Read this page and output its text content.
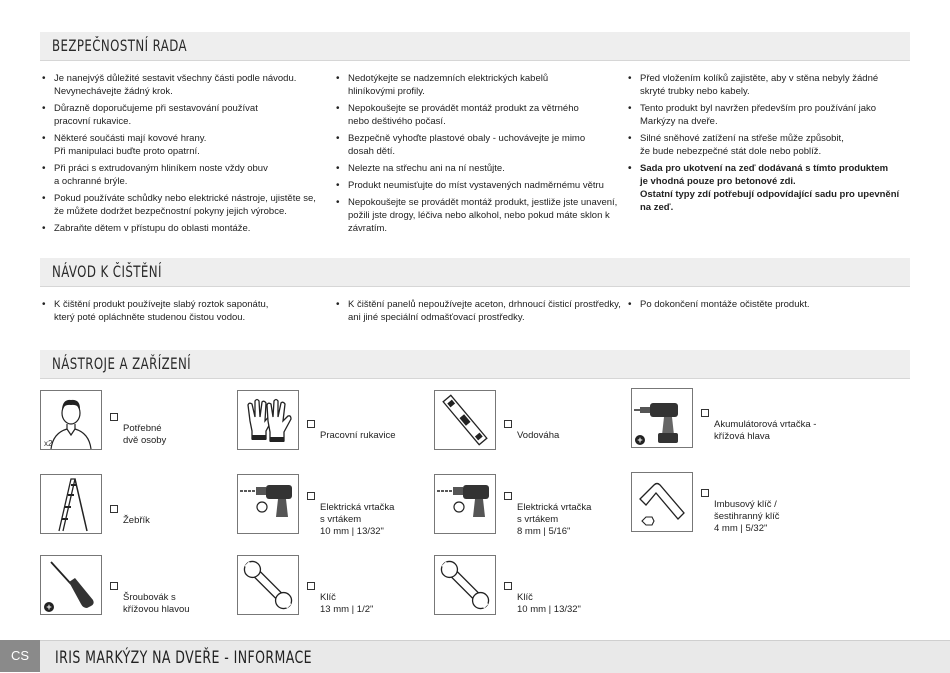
BEZPEČNOSTNÍ RADA
• Je nanejvýš důležité sestavit všechny části podle návodu.
Nevynechávejte žádný krok.
• Důrazně doporučujeme při sestavování používat
pracovní rukavice.
• Některé součásti mají kovové hrany.
Při manipulaci buďte proto opatrní.
• Při práci s extrudovaným hliníkem noste vždy obuv
a ochranné brýle.
• Pokud používáte schůdky nebo elektrické nástroje, ujistěte se,
že můžete dodržet bezpečnostní pokyny jejich výrobce.
• Zabraňte dětem v přístupu do oblasti montáže.
• Nedotýkejte se nadzemních elektrických kabelů
hliníkovými profily.
• Nepokoušejte se provádět montáž produkt za větrného
nebo deštivého počasí.
• Bezpečně vyhoďte plastové obaly - uchovávejte je mimo
dosah dětí.
• Nelezte na střechu ani na ní nestůjte.
• Produkt neumisťujte do míst vystavených nadměrnému větru
• Nepokoušejte se provádět montáž produkt, jestliže jste unavení,
požili jste drogy, léčiva nebo alkohol, nebo pokud máte sklon k
závratím.
• Před vložením kolíků zajistěte, aby v stěna nebyly žádné
skryté trubky nebo kabely.
• Tento produkt byl navržen především pro používání jako
Markýzy na dveře.
• Silné sněhové zatížení na střeše může způsobit,
že bude nebezpečné stát dole nebo poblíž.
• Sada pro ukotvení na zeď dodávaná s tímto produktem
je vhodná pouze pro betonové zdi.
Ostatní typy zdí potřebují odpovídající sadu pro upevnění
na zeď.
NÁVOD K ČIŠTĚNÍ
• K čištění produkt používejte slabý roztok saponátu,
který poté opláchněte studenou čistou vodou.
• K čištění panelů nepoužívejte aceton, drhnoucí čisticí prostředky,
ani jiné speciální odmašťovací prostředky.
• Po dokončení montáže očistěte produkt.
NÁSTROJE A ZAŘÍZENÍ
x2

Potřebné
dvě osoby	Pracovní rukavice	Vodováha	+

Akumulátorová vrtačka -
křížová hlava

Žebřík

Elektrická vrtačka
s vrtákem
10 mm | 13/32"

Elektrická vrtačka
s vrtákem
8 mm | 5/16"

Imbusový klíč /
šestihranný klíč
4 mm | 5/32"

+

Šroubovák s
křížovou hlavou

Klíč
13 mm | 1/2"

Klíč
10 mm | 13/32"

CS	IRIS MARKÝZY NA DVEŘE - INFORMACE
